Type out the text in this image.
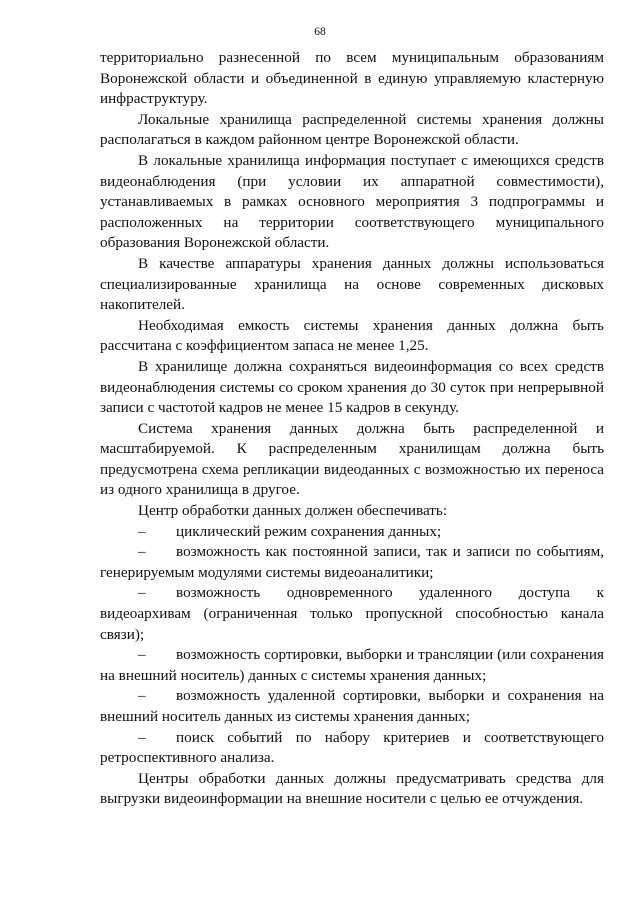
68

территориально разнесенной по всем муниципальным образованиям Воронежской области и объединенной в единую управляемую кластерную инфраструктуру.

Локальные хранилища распределенной системы хранения должны располагаться в каждом районном центре Воронежской области.

В локальные хранилища информация поступает с имеющихся средств видеонаблюдения (при условии их аппаратной совместимости), устанавливаемых в рамках основного мероприятия 3 подпрограммы и расположенных на территории соответствующего муниципального образования Воронежской области.

В качестве аппаратуры хранения данных должны использоваться специализированные хранилища на основе современных дисковых накопителей.

Необходимая емкость системы хранения данных должна быть рассчитана с коэффициентом запаса не менее 1,25.

В хранилище должна сохраняться видеоинформация со всех средств видеонаблюдения системы со сроком хранения до 30 суток при непрерывной записи с частотой кадров не менее 15 кадров в секунду.

Система хранения данных должна быть распределенной и масштабируемой. К распределенным хранилищам должна быть предусмотрена схема репликации видеоданных с возможностью их переноса из одного хранилища в другое.

Центр обработки данных должен обеспечивать:

– циклический режим сохранения данных;

– возможность как постоянной записи, так и записи по событиям, генерируемым модулями системы видеоаналитики;

– возможность одновременного удаленного доступа к видеоархивам (ограниченная только пропускной способностью канала связи);

– возможность сортировки, выборки и трансляции (или сохранения на внешний носитель) данных с системы хранения данных;

– возможность удаленной сортировки, выборки и сохранения на внешний носитель данных из системы хранения данных;

– поиск событий по набору критериев и соответствующего ретроспективного анализа.

Центры обработки данных должны предусматривать средства для выгрузки видеоинформации на внешние носители с целью ее отчуждения.
